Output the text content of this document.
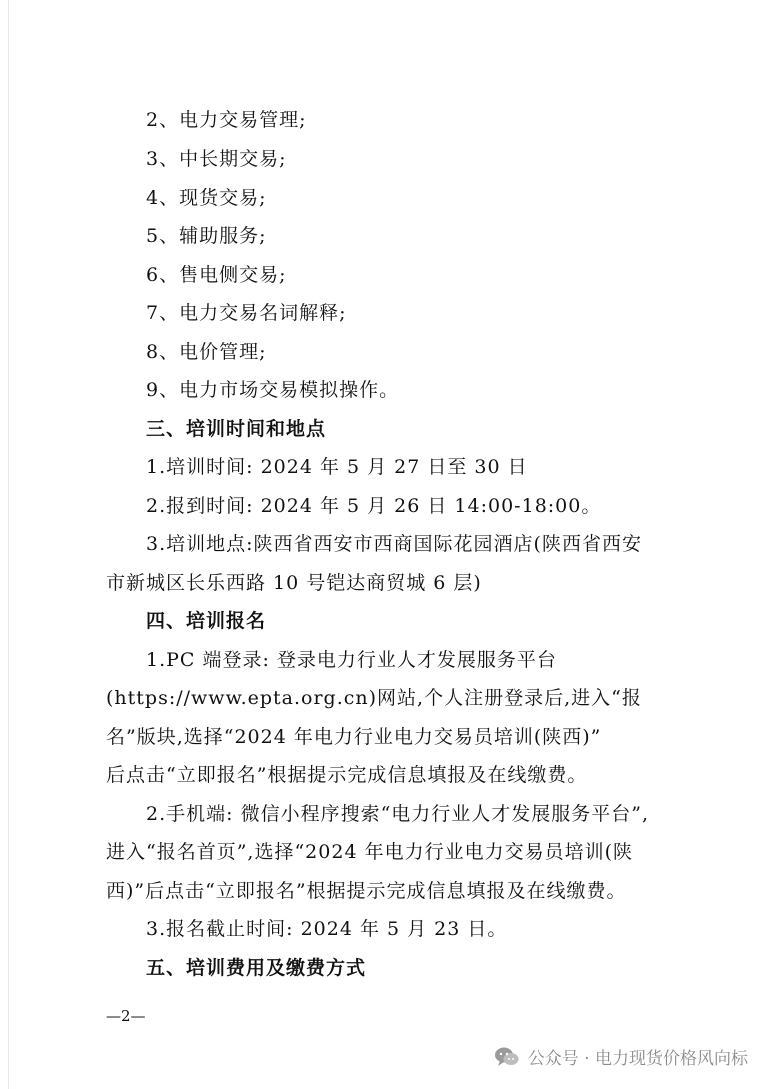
2、电力交易管理;
3、中长期交易;
4、现货交易;
5、辅助服务;
6、售电侧交易;
7、电力交易名词解释;
8、电价管理;
9、电力市场交易模拟操作。
三、培训时间和地点
1.培训时间: 2024 年 5 月 27 日至 30 日
2.报到时间: 2024 年 5 月 26 日 14:00-18:00。
3.培训地点:陕西省西安市西商国际花园酒店(陕西省西安
市新城区长乐西路 10 号铠达商贸城 6 层)
四、培训报名
1.PC 端登录: 登录电力行业人才发展服务平台
(https://www.epta.org.cn)网站,个人注册登录后,进入“报
名”版块,选择“2024 年电力行业电力交易员培训(陕西)”
后点击“立即报名”根据提示完成信息填报及在线缴费。
2.手机端: 微信小程序搜索“电力行业人才发展服务平台”,
进入“报名首页”,选择“2024 年电力行业电力交易员培训(陕
西)”后点击“立即报名”根据提示完成信息填报及在线缴费。
3.报名截止时间: 2024 年 5 月 23 日。
五、培训费用及缴费方式
—2—
公众号 · 电力现货价格风向标
